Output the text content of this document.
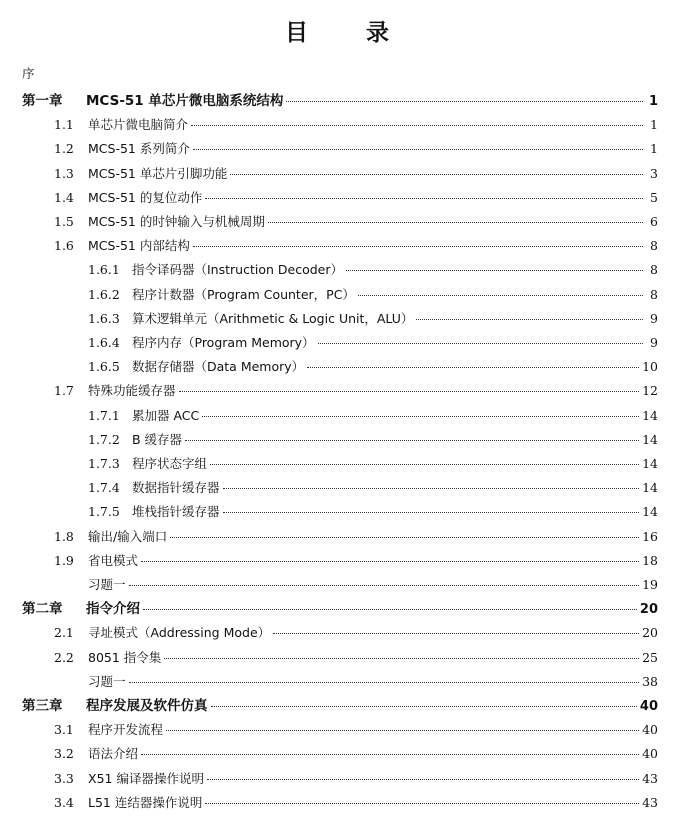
目	录
序
第一章	MCS-51 单芯片微电脑系统结构	1
1.1	单芯片微电脑简介	1
1.2	MCS-51 系列简介	1
1.3	MCS-51 单芯片引脚功能	3
1.4	MCS-51 的复位动作	5
1.5	MCS-51 的时钟输入与机械周期	6
1.6	MCS-51 内部结构	8
1.6.1 指令译码器（Instruction Decoder）	8
1.6.2 程序计数器（Program Counter，PC）	8
1.6.3 算术逻辑单元（Arithmetic & Logic Unit，ALU）	9
1.6.4 程序内存（Program Memory）	9
1.6.5 数据存储器（Data Memory）	10
1.7	特殊功能缓存器	12
1.7.1 累加器 ACC	14
1.7.2 B 缓存器	14
1.7.3 程序状态字组	14
1.7.4 数据指针缓存器	14
1.7.5 堆栈指针缓存器	14
1.8	输出/输入端口	16
1.9	省电模式	18
习题一	19
第二章	指令介绍	20
2.1	寻址模式（Addressing Mode）	20
2.2	8051 指令集	25
习题一	38
第三章	程序发展及软件仿真	40
3.1	程序开发流程	40
3.2	语法介绍	40
3.3	X51 编译器操作说明	43
3.4	L51 连结器操作说明	43
